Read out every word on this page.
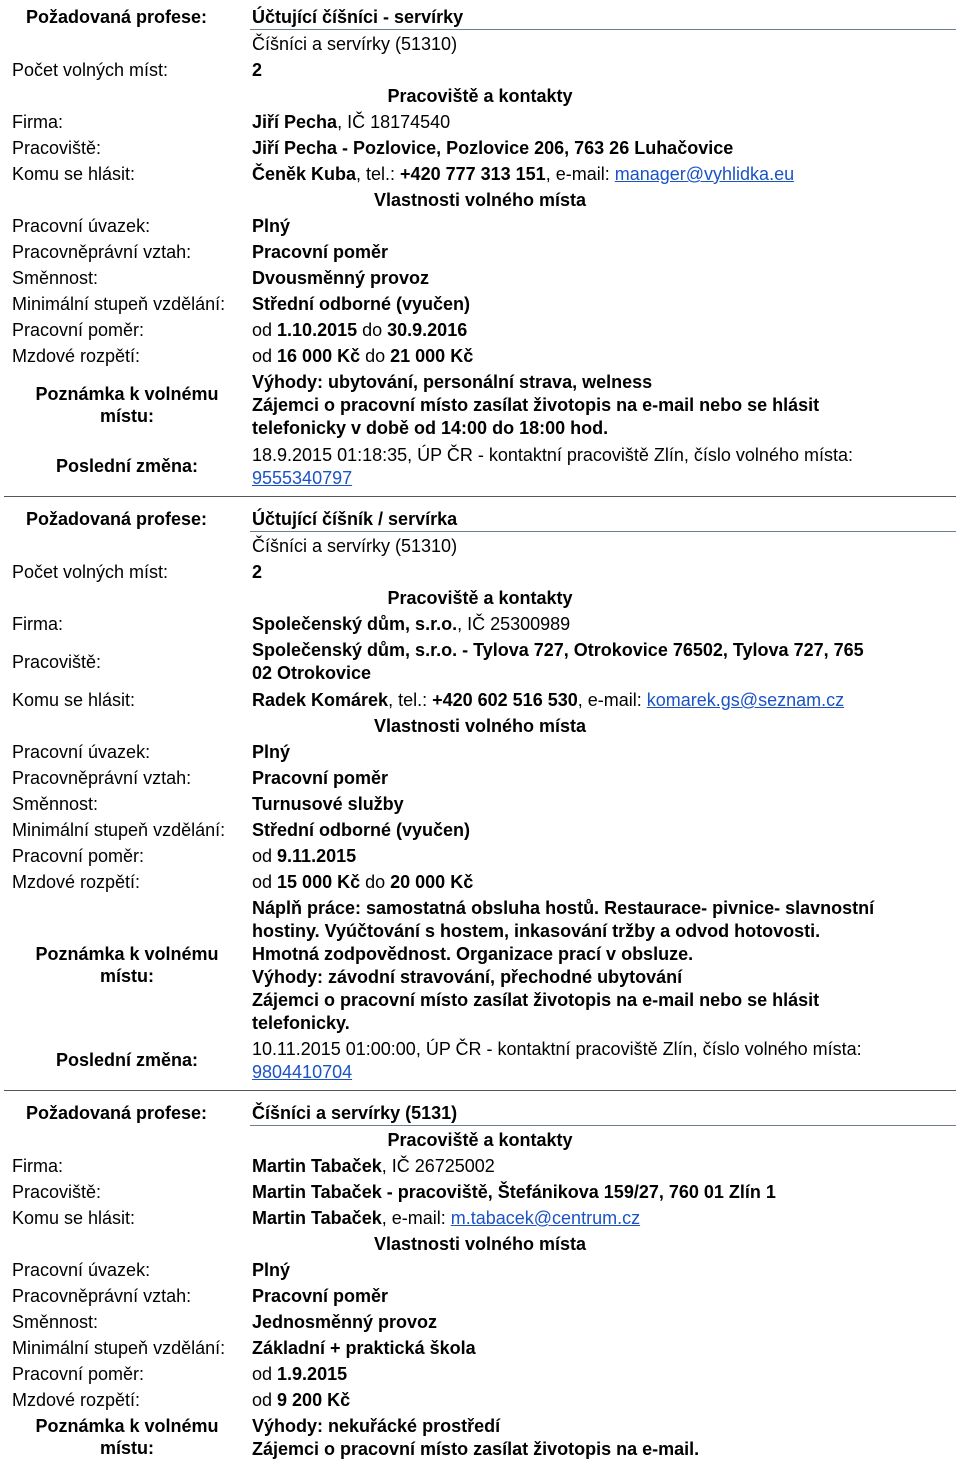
Požadovaná profese: Účtující číšníci - servírky
Číšníci a servírky (51310)
Počet volných míst:	2
Pracoviště a kontakty
Firma:	Jiří Pecha, IČ 18174540
Pracoviště:	Jiří Pecha - Pozlovice, Pozlovice 206, 763 26 Luhačovice
Komu se hlásit:	Čeněk Kuba, tel.: +420 777 313 151, e-mail: manager@vyhlidka.eu
Vlastnosti volného místa
Pracovní úvazek:	Plný
Pracovněprávní vztah:	Pracovní poměr
Směnnost:	Dvousměnný provoz
Minimální stupeň vzdělání: Střední odborné (vyučen)
Pracovní poměr:	od 1.10.2015 do 30.9.2016
Mzdové rozpětí:	od 16 000 Kč do 21 000 Kč
Poznámka k volnému místu:
Výhody: ubytování, personální strava, welness
Zájemci o pracovní místo zasílat životopis na e-mail nebo se hlásit
telefonicky v době od 14:00 do 18:00 hod.
Poslední změna:
18.9.2015 01:18:35, ÚP ČR - kontaktní pracoviště Zlín, číslo volného místa:
9555340797
Požadovaná profese: Účtující číšník / servírka
Číšníci a servírky (51310)
Počet volných míst:	2
Pracoviště a kontakty
Firma:	Společenský dům, s.r.o., IČ 25300989
Pracoviště:
Společenský dům, s.r.o. - Tylova 727, Otrokovice 76502, Tylova 727, 765
02 Otrokovice
Komu se hlásit:	Radek Komárek, tel.: +420 602 516 530, e-mail: komarek.gs@seznam.cz
Vlastnosti volného místa
Pracovní úvazek:	Plný
Pracovněprávní vztah:	Pracovní poměr
Směnnost:	Turnusové služby
Minimální stupeň vzdělání: Střední odborné (vyučen)
Pracovní poměr:	od 9.11.2015
Mzdové rozpětí:	od 15 000 Kč do 20 000 Kč
Poznámka k volnému místu:
Náplň práce: samostatná obsluha hostů. Restaurace- pivnice- slavnostní
hostiny. Vyúčtování s hostem, inkasování tržby a odvod hotovosti.
Hmotná zodpovědnost. Organizace prací v obsluze.
Výhody: závodní stravování, přechodné ubytování
Zájemci o pracovní místo zasílat životopis na e-mail nebo se hlásit
telefonicky.
Poslední změna:
10.11.2015 01:00:00, ÚP ČR - kontaktní pracoviště Zlín, číslo volného místa:
9804410704
Požadovaná profese: Číšníci a servírky (5131)
Pracoviště a kontakty
Firma:	Martin Tabaček, IČ 26725002
Pracoviště:	Martin Tabaček - pracoviště, Štefánikova 159/27, 760 01 Zlín 1
Komu se hlásit:	Martin Tabaček, e-mail: m.tabacek@centrum.cz
Vlastnosti volného místa
Pracovní úvazek:	Plný
Pracovněprávní vztah:	Pracovní poměr
Směnnost:	Jednosměnný provoz
Minimální stupeň vzdělání: Základní + praktická škola
Pracovní poměr:	od 1.9.2015
Mzdové rozpětí:	od 9 200 Kč
Poznámka k volnému místu:
Výhody: nekuřácké prostředí
Zájemci o pracovní místo zasílat životopis na e-mail.
